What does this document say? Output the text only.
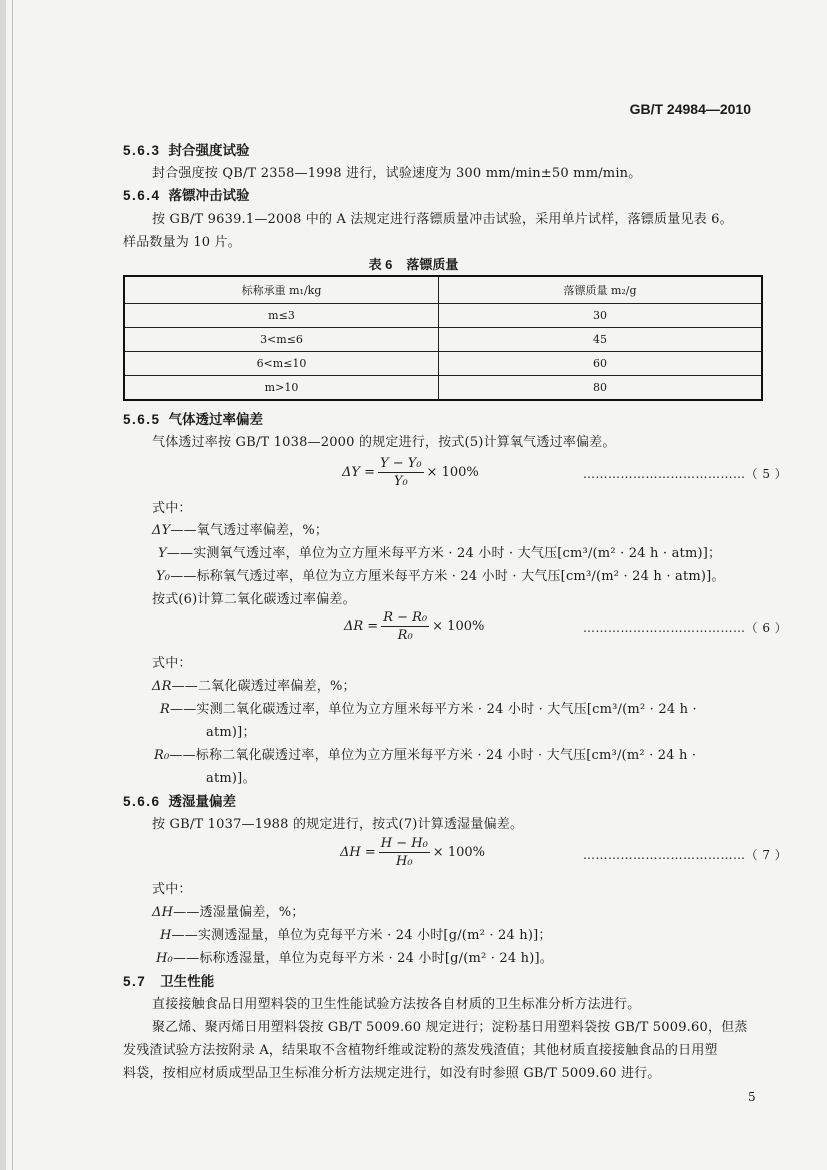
GB/T 24984—2010
5.6.3 封合强度试验
封合强度按 QB/T 2358—1998 进行，试验速度为 300 mm/min±50 mm/min。
5.6.4 落镖冲击试验
按 GB/T 9639.1—2008 中的 A 法规定进行落镖质量冲击试验，采用单片试样，落镖质量见表 6。
样品数量为 10 片。
表 6 落镖质量
标称承重 m₁/kg	落镖质量 m₂/g
m≤3	30
3<m≤6	45
6<m≤10	60
m>10	80
5.6.5 气体透过率偏差
气体透过率按 GB/T 1038—2000 的规定进行，按式(5)计算氧气透过率偏差。
$\Delta Y = \frac{\text{Y − Y₀}}{\text{Y₀}} \times 100\%$	…………………………………（ 5 ）
式中：
ΔY——氧气透过率偏差，%；
Y——实测氧气透过率，单位为立方厘米每平方米 · 24 小时 · 大气压[cm³/(m² · 24 h · atm)]；
Y₀——标称氧气透过率，单位为立方厘米每平方米 · 24 小时 · 大气压[cm³/(m² · 24 h · atm)]。
按式(6)计算二氧化碳透过率偏差。
$\Delta R = \frac{\text{R − R₀}}{\text{R₀}} \times 100\%$	…………………………………（ 6 ）
式中：
ΔR——二氧化碳透过率偏差，%；
R——实测二氧化碳透过率，单位为立方厘米每平方米 · 24 小时 · 大气压[cm³/(m² · 24 h ·
atm)]；
R₀——标称二氧化碳透过率，单位为立方厘米每平方米 · 24 小时 · 大气压[cm³/(m² · 24 h ·
atm)]。
5.6.6 透湿量偏差
按 GB/T 1037—1988 的规定进行，按式(7)计算透湿量偏差。
$\Delta H = \frac{\text{H − H₀}}{\text{H₀}} \times 100\%$	…………………………………（ 7 ）
式中：
ΔH——透湿量偏差，%；
H——实测透湿量，单位为克每平方米 · 24 小时[g/(m² · 24 h)]；
H₀——标称透湿量，单位为克每平方米 · 24 小时[g/(m² · 24 h)]。
5.7 卫生性能
直接接触食品日用塑料袋的卫生性能试验方法按各自材质的卫生标准分析方法进行。
聚乙烯、聚丙烯日用塑料袋按 GB/T 5009.60 规定进行；淀粉基日用塑料袋按 GB/T 5009.60，但蒸
发残渣试验方法按附录 A，结果取不含植物纤维或淀粉的蒸发残渣值；其他材质直接接触食品的日用塑
料袋，按相应材质成型品卫生标准分析方法规定进行，如没有时参照 GB/T 5009.60 进行。
5
